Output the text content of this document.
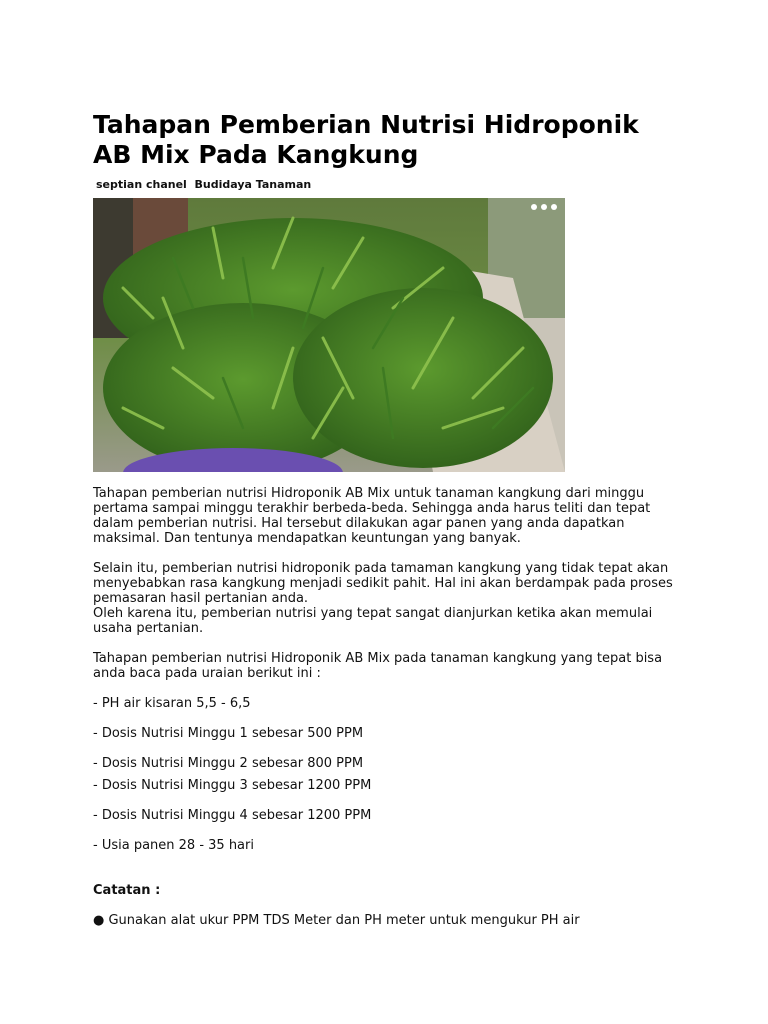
Tahapan Pemberian Nutrisi Hidroponik AB Mix Pada Kangkung
septian chanel Budidaya Tanaman

Tahapan pemberian nutrisi Hidroponik AB Mix untuk tanaman kangkung dari minggu pertama sampai minggu terakhir berbeda-beda. Sehingga anda harus teliti dan tepat dalam pemberian nutrisi. Hal tersebut dilakukan agar panen yang anda dapatkan maksimal. Dan tentunya mendapatkan keuntungan yang banyak.

Selain itu, pemberian nutrisi hidroponik pada tamaman kangkung yang tidak tepat akan menyebabkan rasa kangkung menjadi sedikit pahit. Hal ini akan berdampak pada proses pemasaran hasil pertanian anda.

Oleh karena itu, pemberian nutrisi yang tepat sangat dianjurkan ketika akan memulai usaha pertanian.

Tahapan pemberian nutrisi Hidroponik AB Mix pada tanaman kangkung yang tepat bisa anda baca pada uraian berikut ini :

- PH air kisaran 5,5 - 6,5

- Dosis Nutrisi Minggu 1 sebesar 500 PPM

- Dosis Nutrisi Minggu 2 sebesar 800 PPM

- Dosis Nutrisi Minggu 3 sebesar 1200 PPM

- Dosis Nutrisi Minggu 4 sebesar 1200 PPM

- Usia panen 28 - 35 hari

Catatan :

● Gunakan alat ukur PPM TDS Meter dan PH meter untuk mengukur PH air
